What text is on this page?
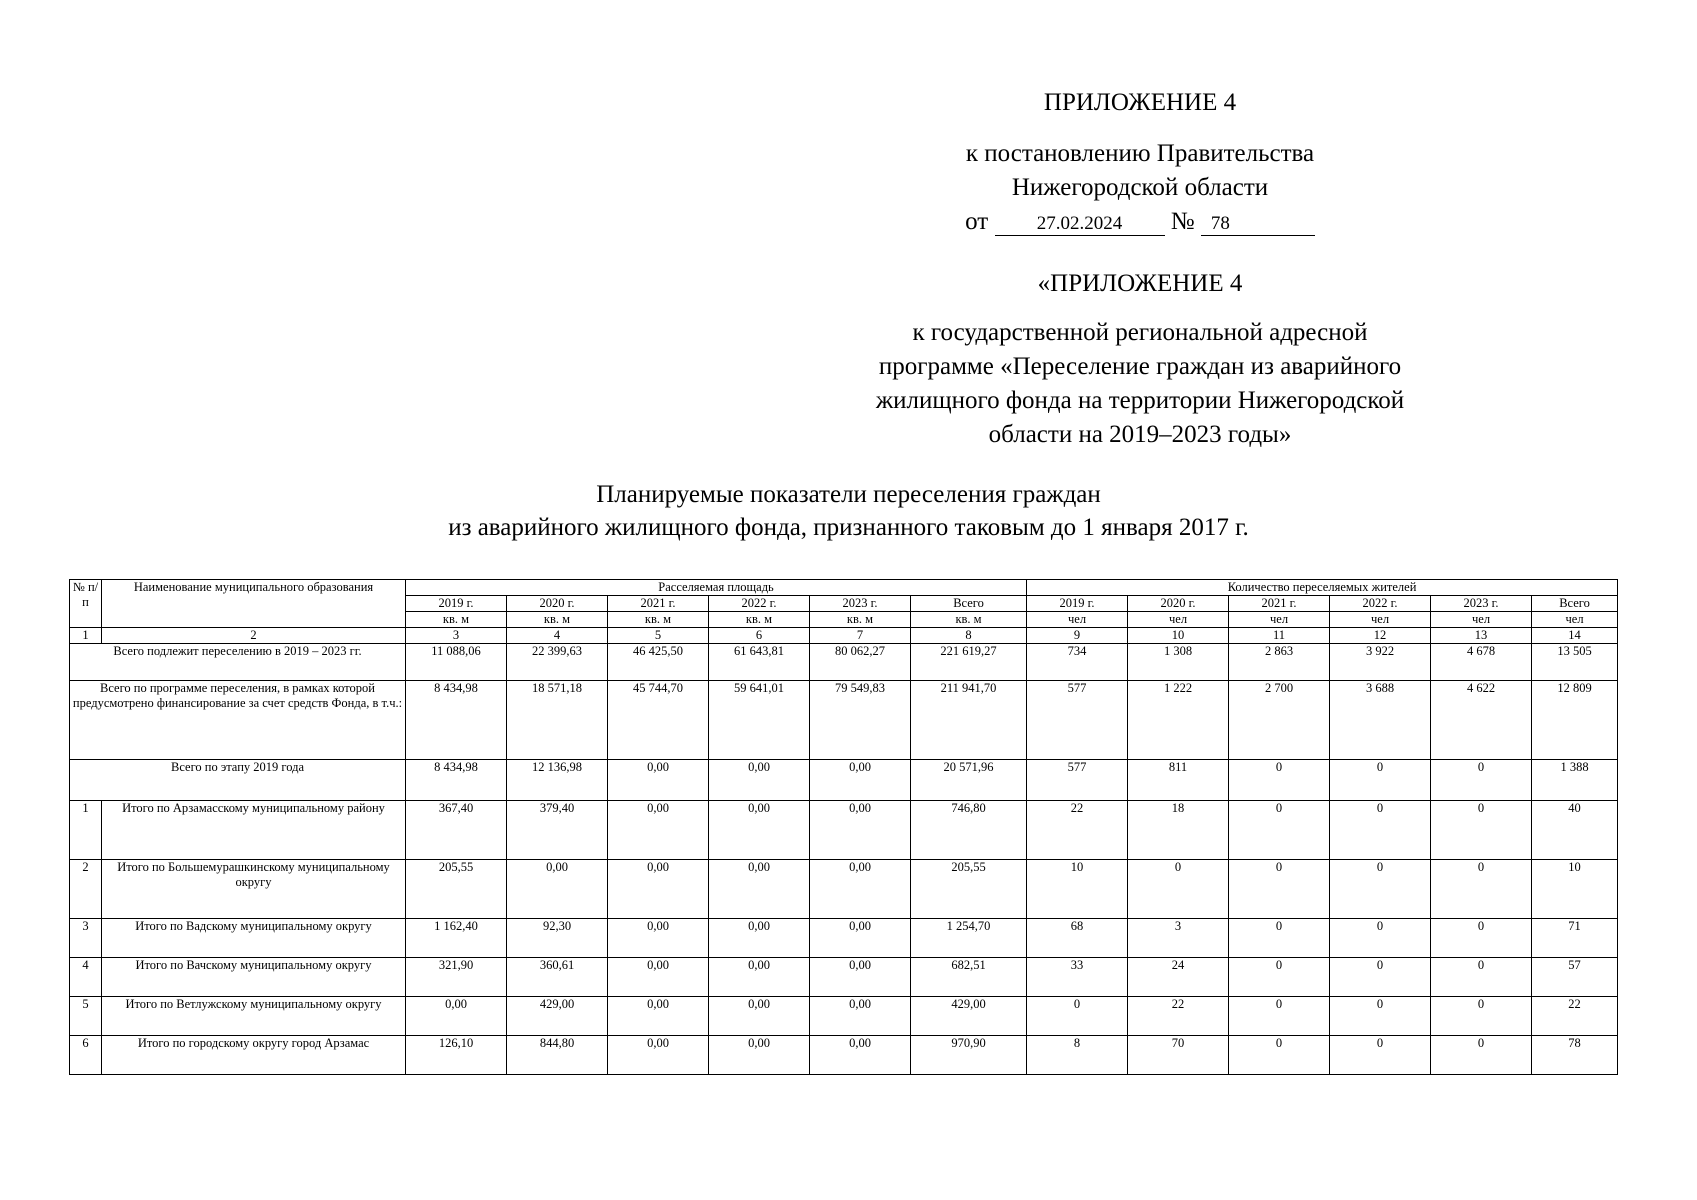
ПРИЛОЖЕНИЕ 4
к постановлению Правительства
Нижегородской области
от	27.02.2024 № 78
«ПРИЛОЖЕНИЕ 4
к государственной региональной адресной
программе «Переселение граждан из аварийного
жилищного фонда на территории Нижегородской
области на 2019–2023 годы»
Планируемые показатели переселения граждан
из аварийного жилищного фонда, признанного таковым до 1 января 2017 г.
№ п/п	Наименование муниципального образования	Расселяемая площадь						Количество переселяемых жителей					
		2019 г.	2020 г.	2021 г.	2022 г.	2023 г.	Всего	2019 г.	2020 г.	2021 г.	2022 г.	2023 г.	Всего
		кв. м	кв. м	кв. м	кв. м	кв. м	кв. м	чел	чел	чел	чел	чел	чел
1	2	3	4	5	6	7	8	9	10	11	12	13	14
Всего подлежит переселению в 2019 – 2023 гг.		11 088,06	22 399,63	46 425,50	61 643,81	80 062,27	221 619,27	734	1 308	2 863	3 922	4 678	13 505
Всего по программе переселения, в рамках которой предусмотрено финансирование за счет средств Фонда, в т.ч.:		8 434,98	18 571,18	45 744,70	59 641,01	79 549,83	211 941,70	577	1 222	2 700	3 688	4 622	12 809
Всего по этапу 2019 года		8 434,98	12 136,98	0,00	0,00	0,00	20 571,96	577	811	0	0	0	1 388
1	Итого по Арзамасскому муниципальному району	367,40	379,40	0,00	0,00	0,00	746,80	22	18	0	0	0	40
2	Итого по Большемурашкинскому муниципальному округу	205,55	0,00	0,00	0,00	0,00	205,55	10	0	0	0	0	10
3	Итого по Вадскому муниципальному округу	1 162,40	92,30	0,00	0,00	0,00	1 254,70	68	3	0	0	0	71
4	Итого по Вачскому муниципальному округу	321,90	360,61	0,00	0,00	0,00	682,51	33	24	0	0	0	57
5	Итого по Ветлужскому муниципальному округу	0,00	429,00	0,00	0,00	0,00	429,00	0	22	0	0	0	22
6	Итого по городскому округу город Арзамас	126,10	844,80	0,00	0,00	0,00	970,90	8	70	0	0	0	78
